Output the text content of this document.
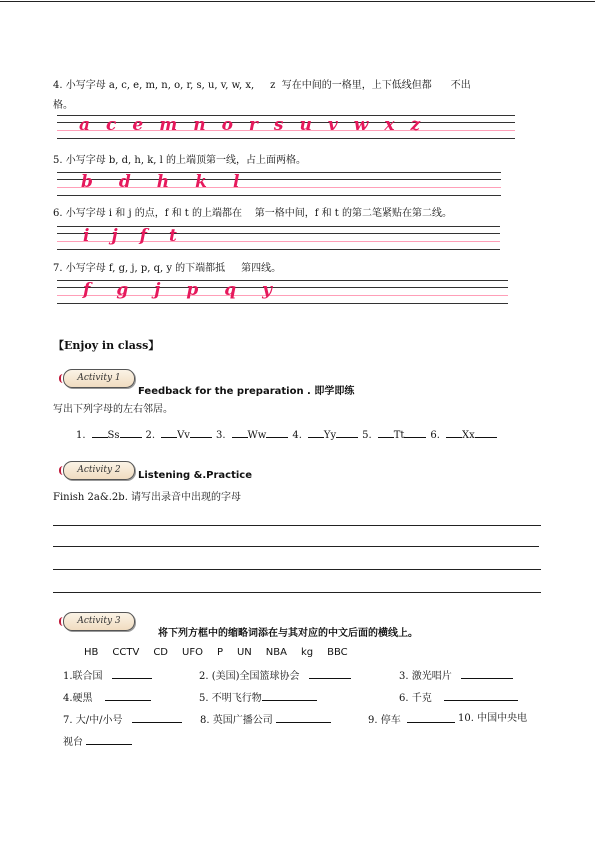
4. 小写字母 a, c, e, m, n, o, r, s, u, v, w, x, z 写在中间的一格里，上下低线但都 不出
格。
a c e m n o r s u v w x z
5. 小写字母 b, d, h, k, l 的上端顶第一线，占上面两格。
b d h k l
6. 小写字母 i 和 j 的点，f 和 t 的上端都在 第一格中间，f 和 t 的第二笔紧贴在第二线。
i j f t
7. 小写字母 f, g, j, p, q, y 的下端都抵 第四线。
f g j p q y
【Enjoy in class】
Activity 1
Feedback for the preparation . 即学即练
写出下列字母的左右邻居。
1. Ss	2. Vv	3. Ww	4. Yy	5. Tt	6. Xx
Activity 2	Listening &.Practice
Finish 2a&.2b. 请写出录音中出现的字母
Activity 3
将下列方框中的缩略词添在与其对应的中文后面的横线上。
HB CCTV CD UFO P UN NBA kg BBC
1.联合国	2. (美国)全国篮球协会	3. 激光唱片
4.硬黑	5. 不明飞行物	6. 千克
7. 大/中/小号	8. 英国广播公司	9. 停车	10. 中国中央电
视台
